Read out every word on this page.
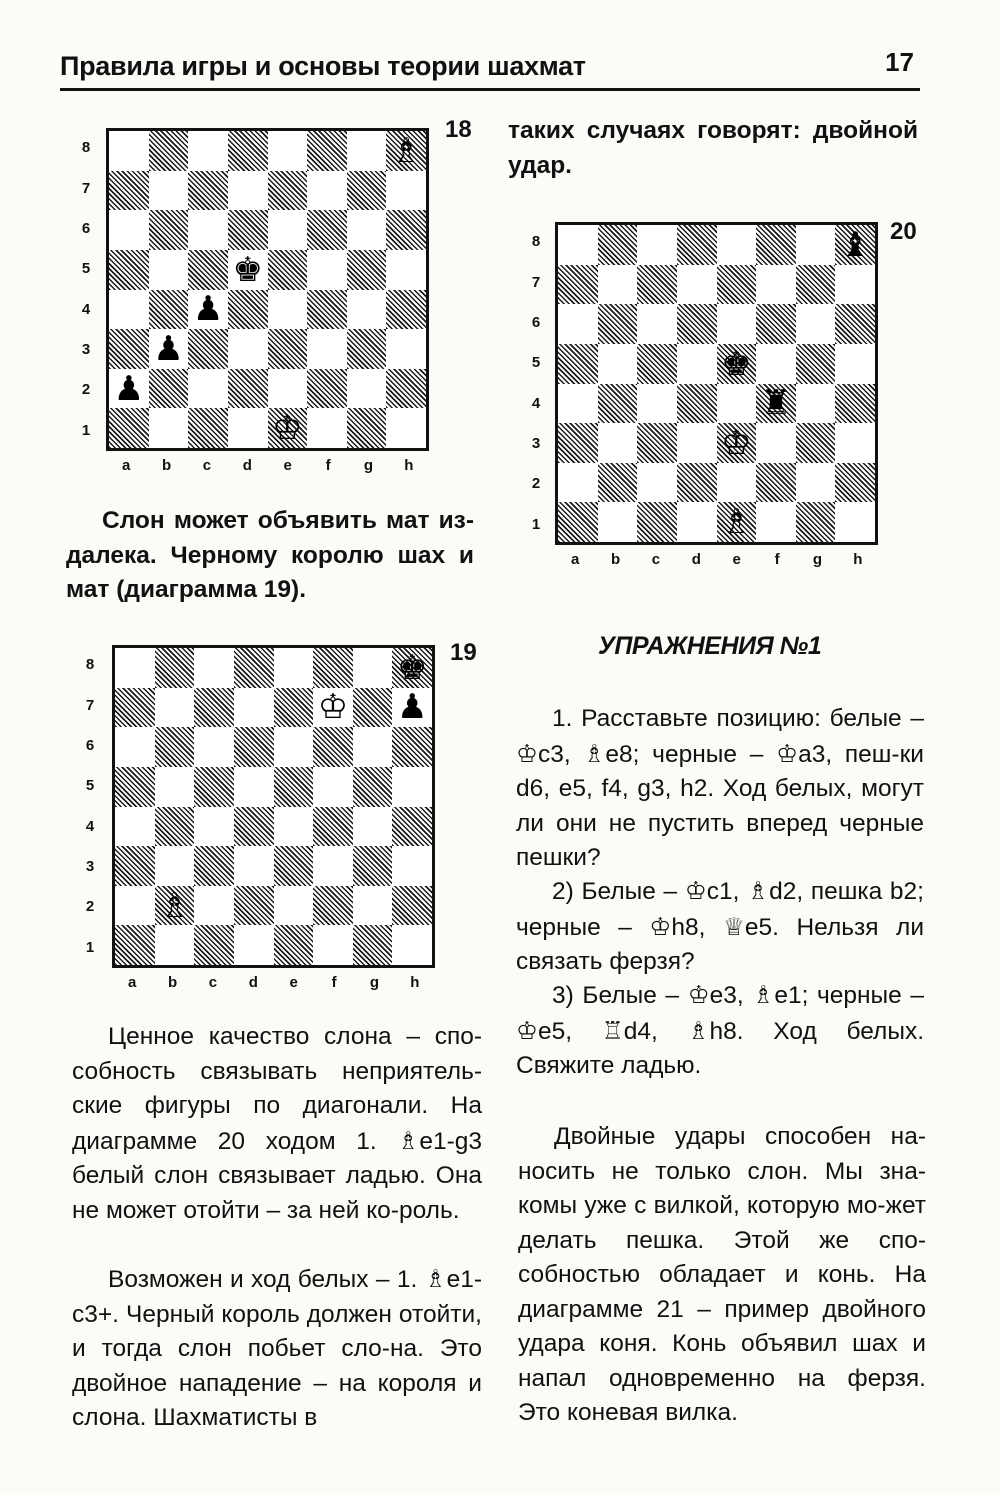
Правила игры и основы теории шахмат	17

Слон может объявить мат из-далека. Черному королю шах и мат (диаграмма 19).

Ценное качество слона – спо-собность связывать неприятель-ские фигуры по диагонали. На диаграмме 20 ходом 1. ♗e1-g3 белый слон связывает ладью. Она не может отойти – за ней ко-роль.

Возможен и ход белых – 1. ♗e1-c3+. Черный король должен отойти, и тогда слон побьет сло-на. Это двойное нападение – на короля и слона. Шахматисты в

таких случаях говорят: двойной удар.

УПРАЖНЕНИЯ №1

1. Расставьте позицию: белые – ♔c3, ♗e8; черные – ♔a3, пеш-ки d6, e5, f4, g3, h2. Ход белых, могут ли они не пустить вперед черные пешки?

2) Белые – ♔c1, ♗d2, пешка b2; черные – ♔h8, ♕e5. Нельзя ли связать ферзя?

3) Белые – ♔e3, ♗e1; черные – ♔e5, ♖d4, ♗h8. Ход белых. Свяжите ладью.

Двойные удары способен на-носить не только слон. Мы зна-комы уже с вилкой, которую мо-жет делать пешка. Этой же спо-собностью обладает и конь. На диаграмме 21 – пример двойного удара коня. Конь объявил шах и напал одновременно на ферзя. Это коневая вилка.

18
♗
♚
♟
♟
♟
♔
8
7
6
5
4
3
2
1
a	b	c	d	e	f	g	h
19
♚
♔ ♟
♗
8
7
6
5
4
3
2
1
a	b	c	d	e	f	g	h
20
♝
♚
♜
♔
♗
8
7
6
5
4
3
2
1
a	b	c	d	e	f	g	h
